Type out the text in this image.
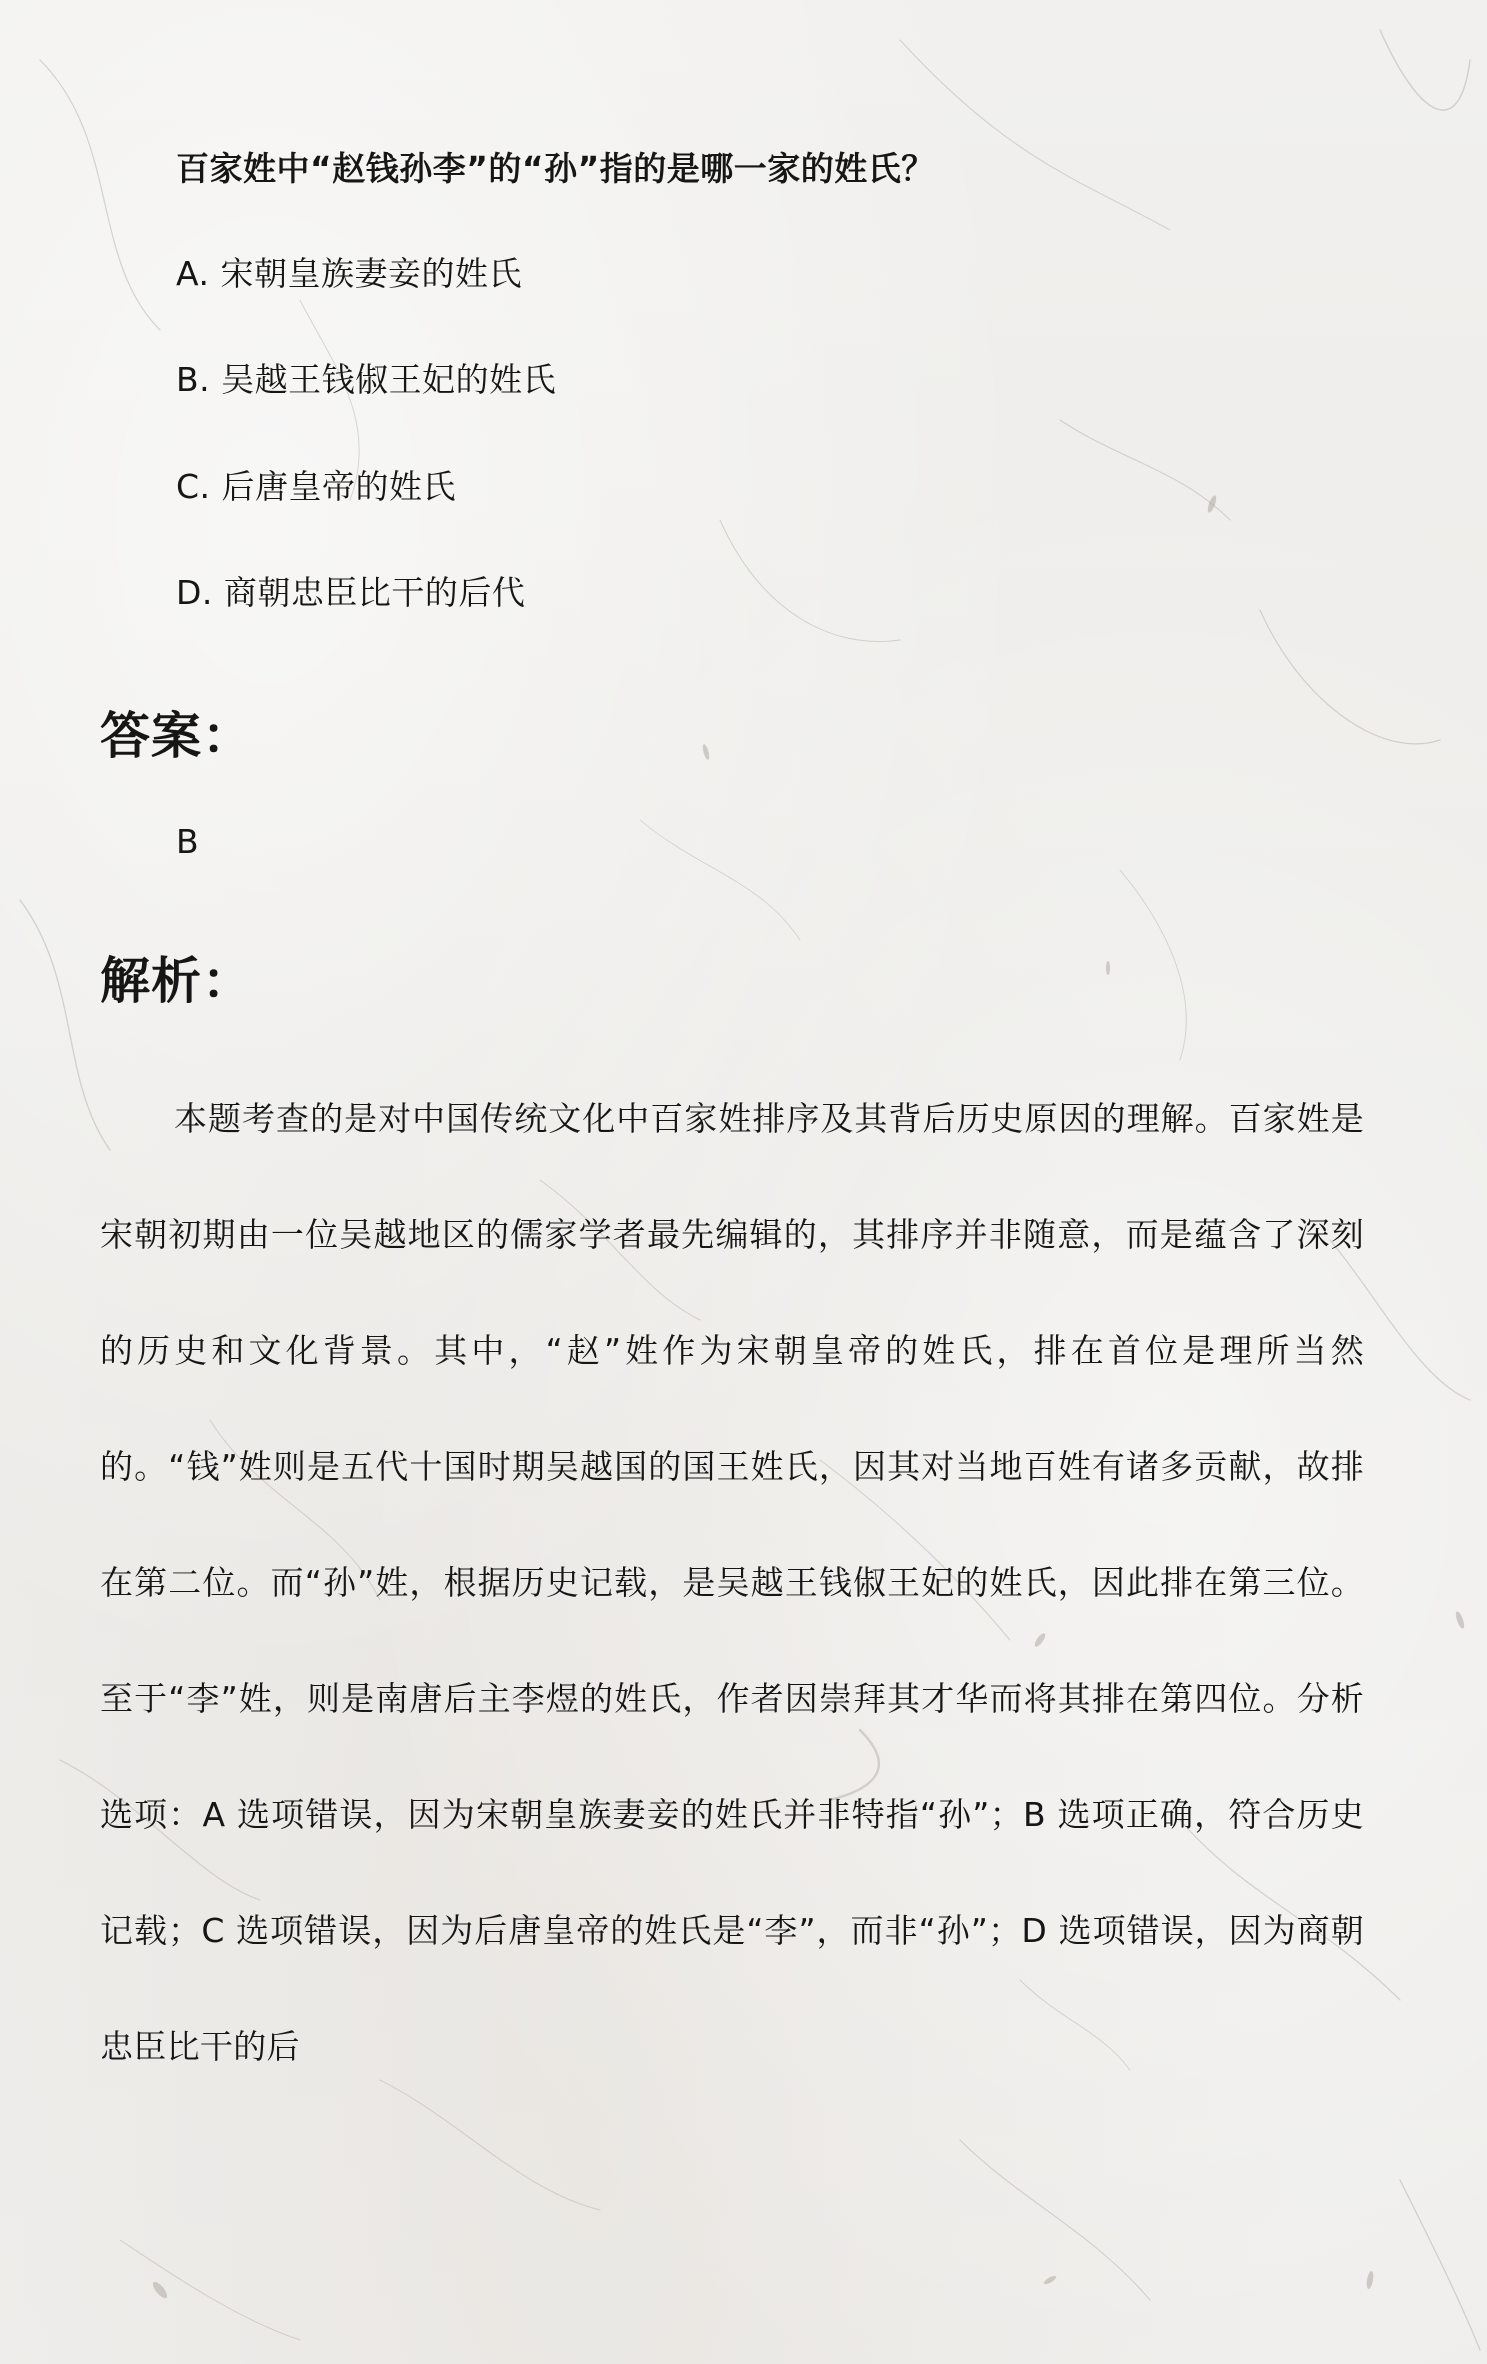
百家姓中“赵钱孙李”的“孙”指的是哪一家的姓氏？
A. 宋朝皇族妻妾的姓氏
B. 吴越王钱俶王妃的姓氏
C. 后唐皇帝的姓氏
D. 商朝忠臣比干的后代
答案：
B
解析：

本题考查的是对中国传统文化中百家姓排序及其背后历史原因的理解。百家姓是宋朝初期由一位吴越地区的儒家学者最先编辑的，其排序并非随意，而是蕴含了深刻的历史和文化背景。其中，“赵”姓作为宋朝皇帝的姓氏，排在首位是理所当然的。“钱”姓则是五代十国时期吴越国的国王姓氏，因其对当地百姓有诸多贡献，故排在第二位。而“孙”姓，根据历史记载，是吴越王钱俶王妃的姓氏，因此排在第三位。至于“李”姓，则是南唐后主李煜的姓氏，作者因崇拜其才华而将其排在第四位。分析选项：A 选项错误，因为宋朝皇族妻妾的姓氏并非特指“孙”；B 选项正确，符合历史记载；C 选项错误，因为后唐皇帝的姓氏是“李”，而非“孙”；D 选项错误，因为商朝忠臣比干的后
